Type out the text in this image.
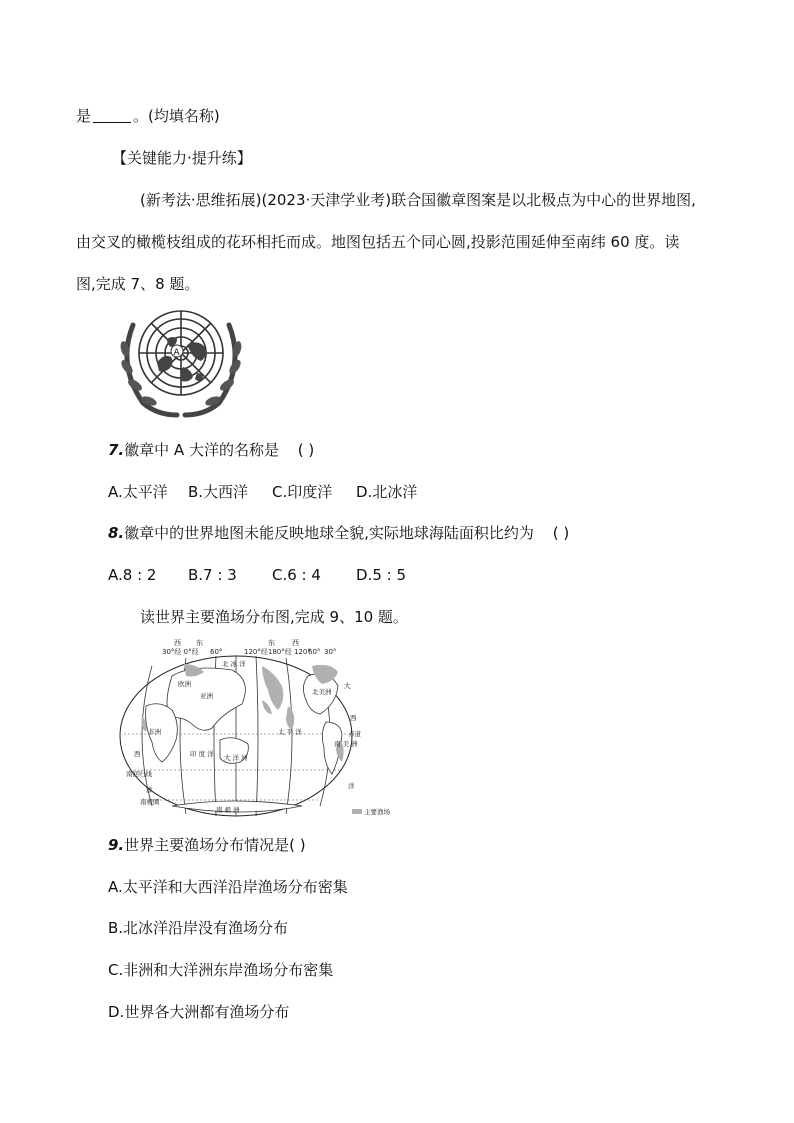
是	。(均填名称)
【关键能力·提升练】
(新考法·思维拓展)(2023·天津学业考)联合国徽章图案是以北极点为中心的世界地图,
由交叉的橄榄枝组成的花环相托而成。地图包括五个同心圆,投影范围延伸至南纬 60 度。读
图,完成 7、8 题。
A
7.徽章中 A 大洋的名称是 ( )
A.太平洋 B.大西洋 C.印度洋 D.北冰洋
8.徽章中的世界地图未能反映地球全貌,实际地球海陆面积比约为 ( )
A.8 : 2 B.7 : 3 C.6 : 4 D.5 : 5
读世界主要渔场分布图,完成 9、10 题。
西 东	东 西
30°经 0°经 60°	120°经180°经 120°
60° 30°
北 冰 洋
欧洲
亚洲	北美洲
非洲	太 平 洋
印 度 洋 大 洋 洲
南 美 洲
赤道
南回归线
南极圈
南 极 洲
西
洋
大
西
洋
主要渔场
9.世界主要渔场分布情况是( )
A.太平洋和大西洋沿岸渔场分布密集
B.北冰洋沿岸没有渔场分布
C.非洲和大洋洲东岸渔场分布密集
D.世界各大洲都有渔场分布
